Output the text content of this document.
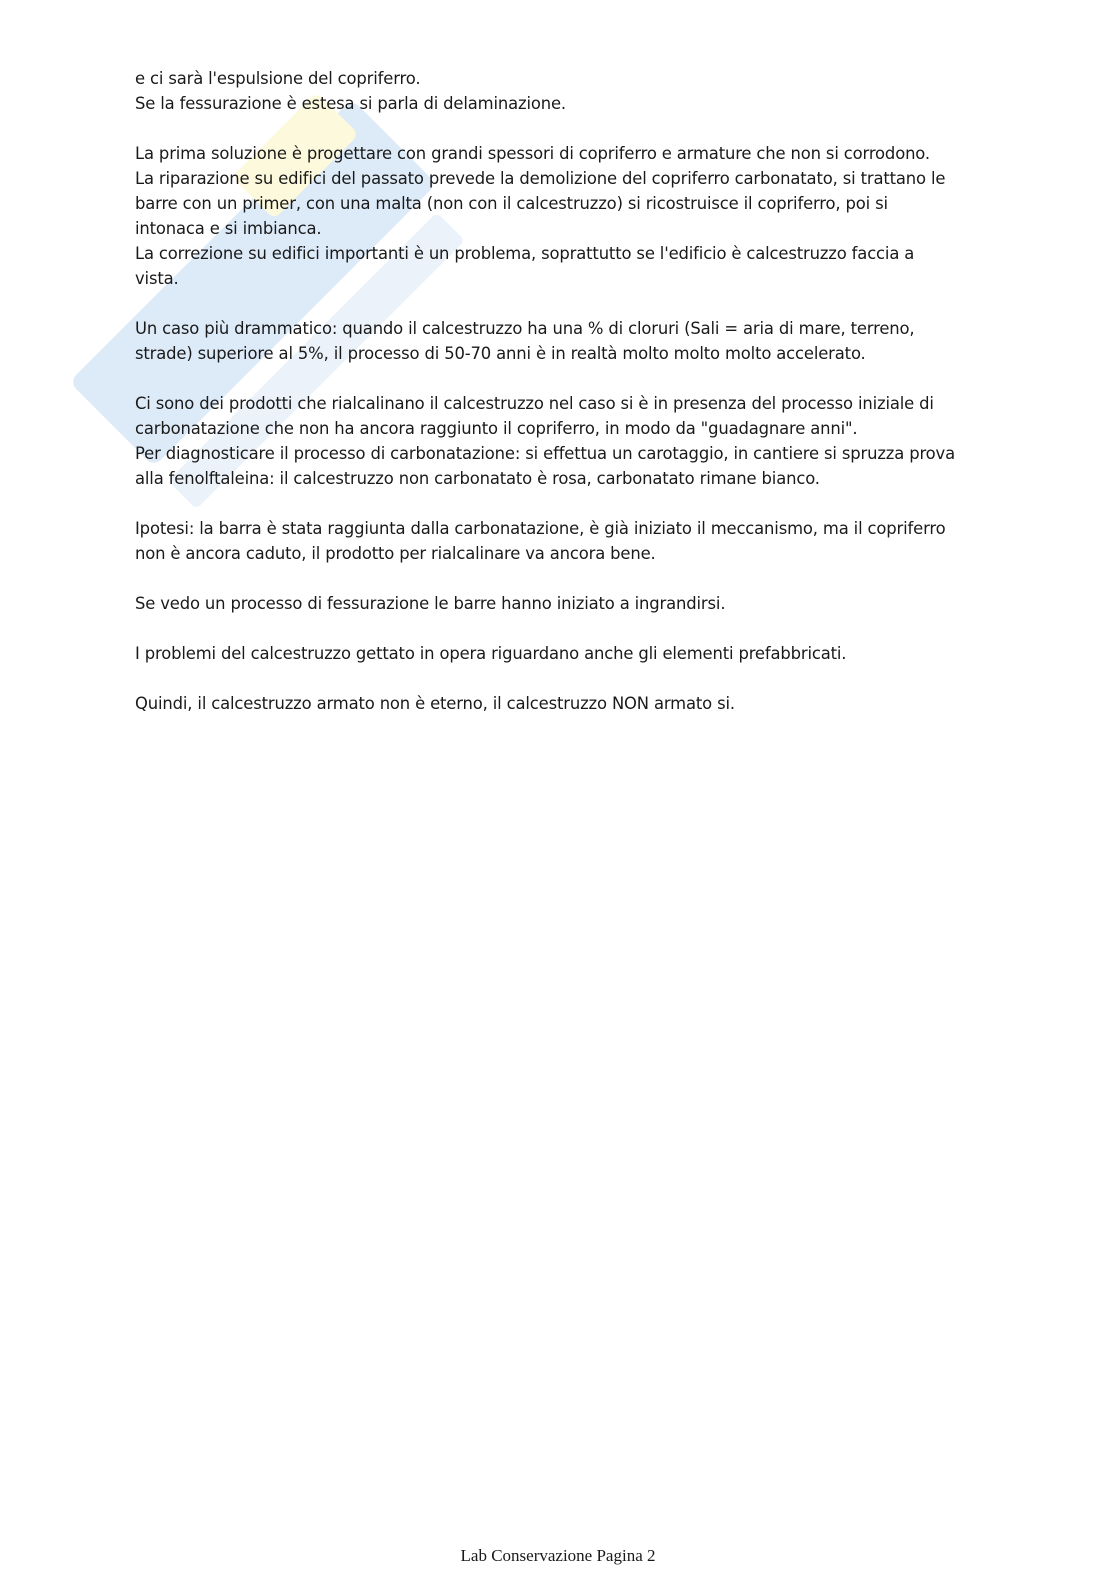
e ci sarà l'espulsione del copriferro.
Se la fessurazione è estesa si parla di delaminazione.
La prima soluzione è progettare con grandi spessori di copriferro e armature che non si corrodono.
La riparazione su edifici del passato prevede la demolizione del copriferro carbonatato, si trattano le
barre con un primer, con una malta (non con il calcestruzzo) si ricostruisce il copriferro, poi si
intonaca e si imbianca.
La correzione su edifici importanti è un problema, soprattutto se l'edificio è calcestruzzo faccia a
vista.
Un caso più drammatico: quando il calcestruzzo ha una % di cloruri (Sali = aria di mare, terreno,
strade) superiore al 5%, il processo di 50-70 anni è in realtà molto molto molto accelerato.
Ci sono dei prodotti che rialcalinano il calcestruzzo nel caso si è in presenza del processo iniziale di
carbonatazione che non ha ancora raggiunto il copriferro, in modo da "guadagnare anni".
Per diagnosticare il processo di carbonatazione: si effettua un carotaggio, in cantiere si spruzza prova
alla fenolftaleina: il calcestruzzo non carbonatato è rosa, carbonatato rimane bianco.
Ipotesi: la barra è stata raggiunta dalla carbonatazione, è già iniziato il meccanismo, ma il copriferro
non è ancora caduto, il prodotto per rialcalinare va ancora bene.
Se vedo un processo di fessurazione le barre hanno iniziato a ingrandirsi.
I problemi del calcestruzzo gettato in opera riguardano anche gli elementi prefabbricati.
Quindi, il calcestruzzo armato non è eterno, il calcestruzzo NON armato si.
Lab Conservazione Pagina 2
